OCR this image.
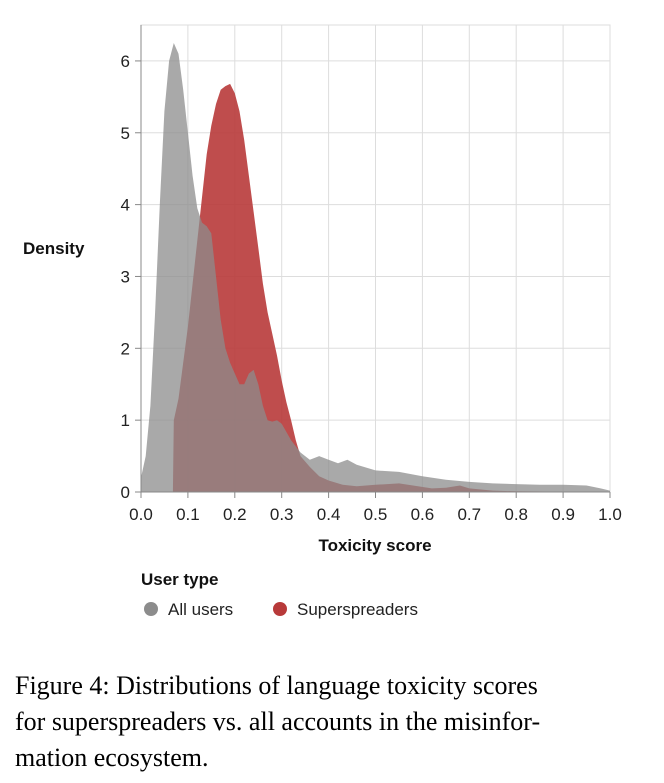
0.0 0.1 0.2 0.3 0.4 0.5 0.6 0.7 0.8 0.9 1.0
0
1
2
3
4
5
6
Density
Toxicity score
User type
All users	Superspreaders
Figure 4: Distributions of language toxicity scores
for superspreaders vs. all accounts in the misinfor-
mation ecosystem.
